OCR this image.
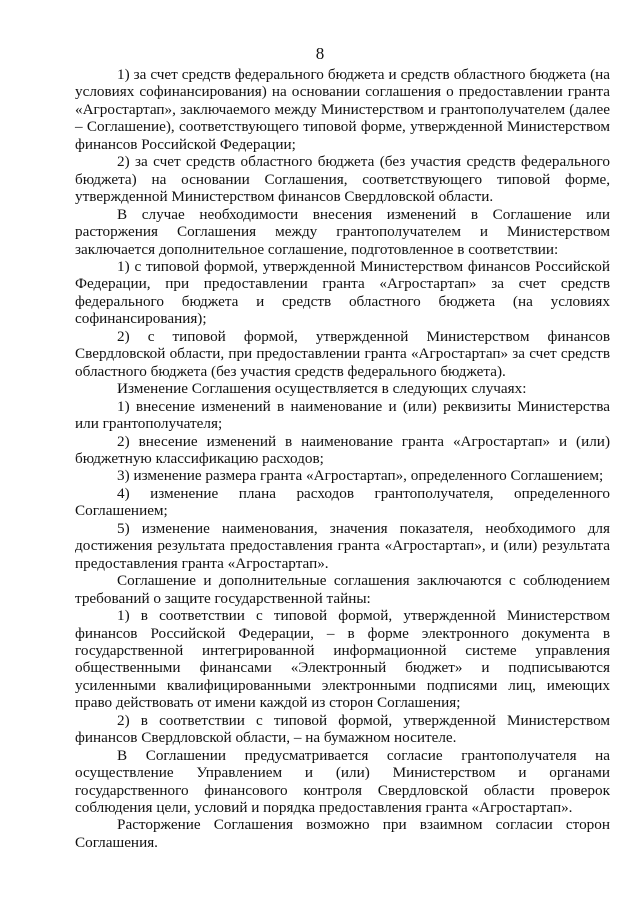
8

1) за счет средств федерального бюджета и средств областного бюджета (на условиях софинансирования) на основании соглашения о предоставлении гранта «Агростартап», заключаемого между Министерством и грантополучателем (далее – Соглашение), соответствующего типовой форме, утвержденной Министерством финансов Российской Федерации;

2) за счет средств областного бюджета (без участия средств федерального бюджета) на основании Соглашения, соответствующего типовой форме, утвержденной Министерством финансов Свердловской области.

В случае необходимости внесения изменений в Соглашение или расторжения Соглашения между грантополучателем и Министерством заключается дополнительное соглашение, подготовленное в соответствии:

1) с типовой формой, утвержденной Министерством финансов Российской Федерации, при предоставлении гранта «Агростартап» за счет средств федерального бюджета и средств областного бюджета (на условиях софинансирования);

2) с типовой формой, утвержденной Министерством финансов Свердловской области, при предоставлении гранта «Агростартап» за счет средств областного бюджета (без участия средств федерального бюджета).

Изменение Соглашения осуществляется в следующих случаях:

1) внесение изменений в наименование и (или) реквизиты Министерства или грантополучателя;

2) внесение изменений в наименование гранта «Агростартап» и (или) бюджетную классификацию расходов;

3) изменение размера гранта «Агростартап», определенного Соглашением;

4) изменение плана расходов грантополучателя, определенного Соглашением;

5) изменение наименования, значения показателя, необходимого для достижения результата предоставления гранта «Агростартап», и (или) результата предоставления гранта «Агростартап».

Соглашение и дополнительные соглашения заключаются с соблюдением требований о защите государственной тайны:

1) в соответствии с типовой формой, утвержденной Министерством финансов Российской Федерации, – в форме электронного документа в государственной интегрированной информационной системе управления общественными финансами «Электронный бюджет» и подписываются усиленными квалифицированными электронными подписями лиц, имеющих право действовать от имени каждой из сторон Соглашения;

2) в соответствии с типовой формой, утвержденной Министерством финансов Свердловской области, – на бумажном носителе.

В Соглашении предусматривается согласие грантополучателя на осуществление Управлением и (или) Министерством и органами государственного финансового контроля Свердловской области проверок соблюдения цели, условий и порядка предоставления гранта «Агростартап».

Расторжение Соглашения возможно при взаимном согласии сторон Соглашения.
